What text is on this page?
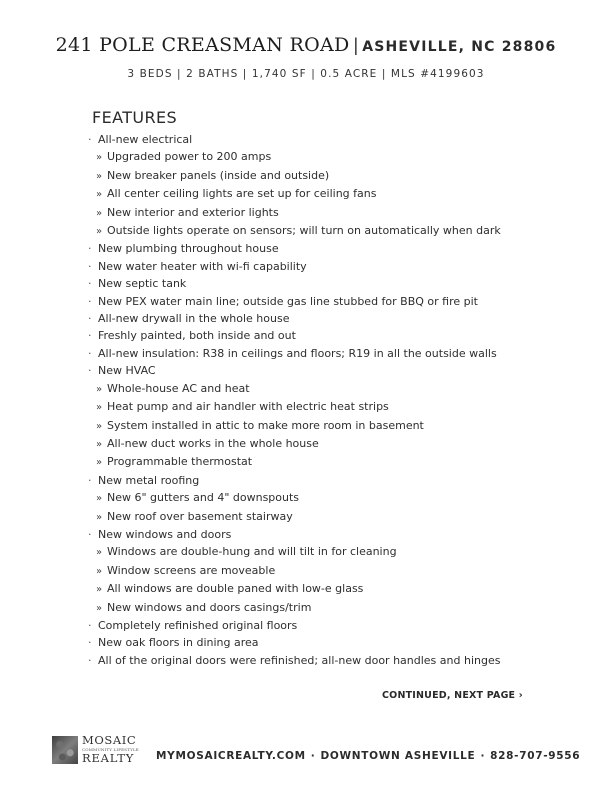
241 POLE CREASMAN ROAD | ASHEVILLE, NC 28806
3 BEDS | 2 BATHS | 1,740 SF | 0.5 ACRE | MLS #4199603
FEATURES
· All-new electrical
» Upgraded power to 200 amps
» New breaker panels (inside and outside)
» All center ceiling lights are set up for ceiling fans
» New interior and exterior lights
» Outside lights operate on sensors; will turn on automatically when dark
· New plumbing throughout house
· New water heater with wi-fi capability
· New septic tank
· New PEX water main line; outside gas line stubbed for BBQ or fire pit
· All-new drywall in the whole house
· Freshly painted, both inside and out
· All-new insulation: R38 in ceilings and floors; R19 in all the outside walls
· New HVAC
» Whole-house AC and heat
» Heat pump and air handler with electric heat strips
» System installed in attic to make more room in basement
» All-new duct works in the whole house
» Programmable thermostat
· New metal roofing
» New 6" gutters and 4" downspouts
» New roof over basement stairway
· New windows and doors
» Windows are double-hung and will tilt in for cleaning
» Window screens are moveable
» All windows are double paned with low-e glass
» New windows and doors casings/trim
· Completely refinished original floors
· New oak floors in dining area
· All of the original doors were refinished; all-new door handles and hinges
CONTINUED, NEXT PAGE ›
MOSAIC
COMMUNITY LIFESTYLE
REALTY	MYMOSAICREALTY.COM · DOWNTOWN ASHEVILLE · 828-707-9556
